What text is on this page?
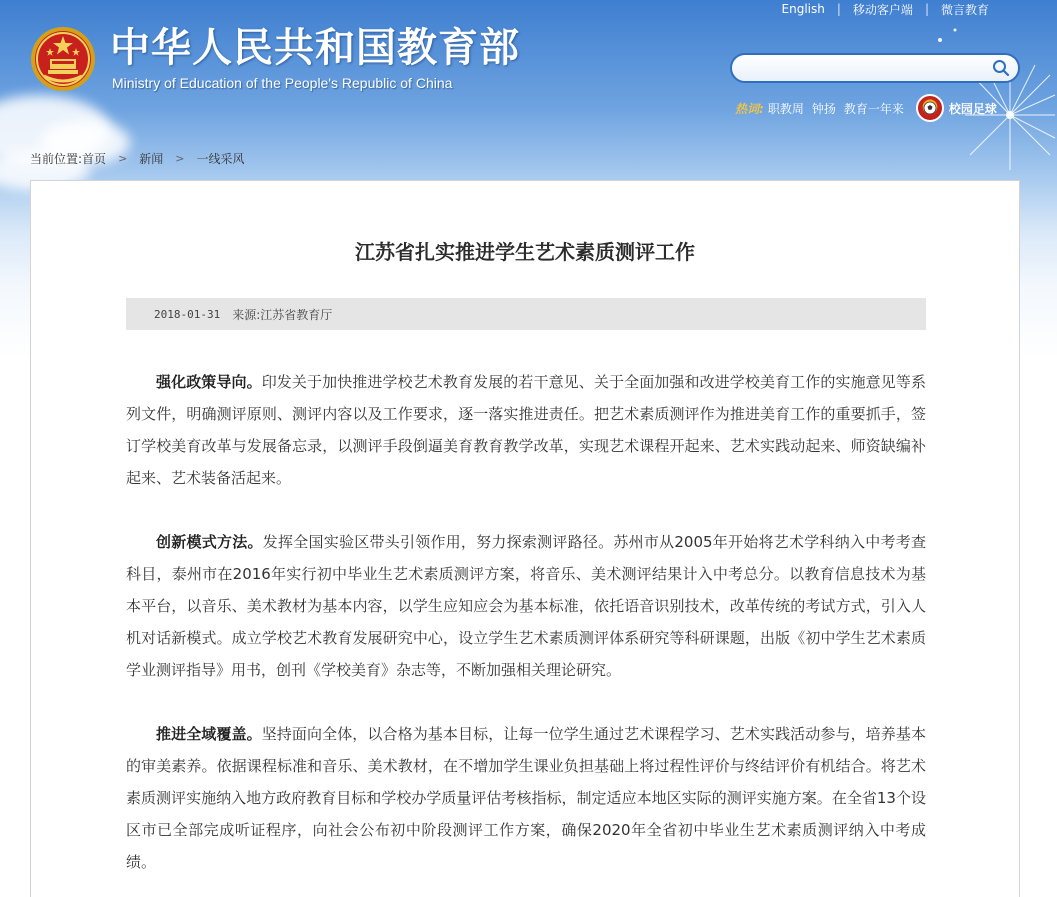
English	|	移动客户端	|	微言教育
中华人民共和国教育部
Ministry of Education of the People's Republic of China
热词: 职教周 钟扬 教育一年来	校园足球
当前位置: 首页 > 新闻 > 一线采风
江苏省扎实推进学生艺术素质测评工作
2018-01-31 来源:江苏省教育厅

强化政策导向。印发关于加快推进学校艺术教育发展的若干意见、关于全面加强和改进学校美育工作的实施意见等系列文件，明确测评原则、测评内容以及工作要求，逐一落实推进责任。把艺术素质测评作为推进美育工作的重要抓手，签订学校美育改革与发展备忘录，以测评手段倒逼美育教育教学改革，实现艺术课程开起来、艺术实践动起来、师资缺编补起来、艺术装备活起来。

创新模式方法。发挥全国实验区带头引领作用，努力探索测评路径。苏州市从2005年开始将艺术学科纳入中考考查科目，泰州市在2016年实行初中毕业生艺术素质测评方案，将音乐、美术测评结果计入中考总分。以教育信息技术为基本平台，以音乐、美术教材为基本内容，以学生应知应会为基本标准，依托语音识别技术，改革传统的考试方式，引入人机对话新模式。成立学校艺术教育发展研究中心，设立学生艺术素质测评体系研究等科研课题，出版《初中学生艺术素质学业测评指导》用书，创刊《学校美育》杂志等，不断加强相关理论研究。

推进全域覆盖。坚持面向全体，以合格为基本目标，让每一位学生通过艺术课程学习、艺术实践活动参与，培养基本的审美素养。依据课程标准和音乐、美术教材，在不增加学生课业负担基础上将过程性评价与终结评价有机结合。将艺术素质测评实施纳入地方政府教育目标和学校办学质量评估考核指标，制定适应本地区实际的测评实施方案。在全省13个设区市已全部完成听证程序，向社会公布初中阶段测评工作方案，确保2020年全省初中毕业生艺术素质测评纳入中考成绩。
